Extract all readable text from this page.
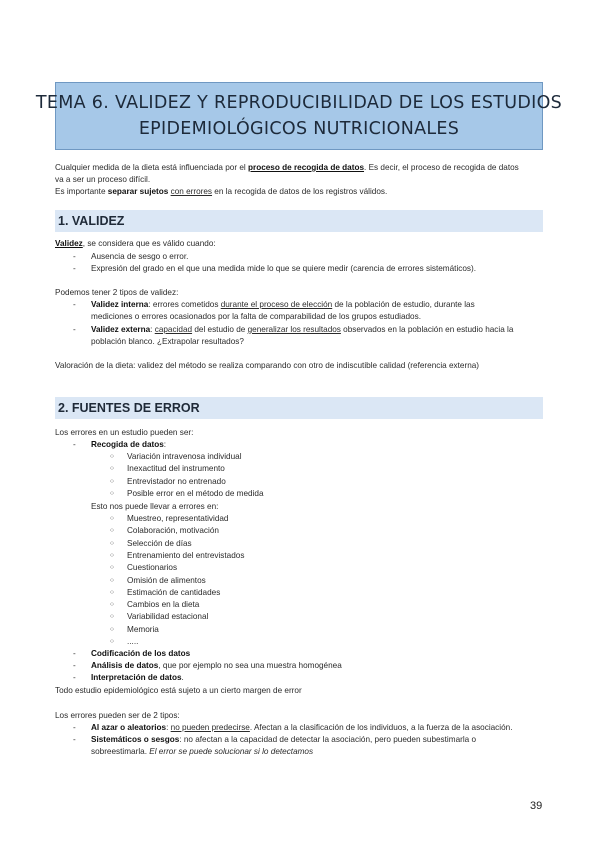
TEMA 6. VALIDEZ Y REPRODUCIBILIDAD DE LOS ESTUDIOS
EPIDEMIOLÓGICOS NUTRICIONALES
Cualquier medida de la dieta está influenciada por el proceso de recogida de datos. Es decir, el proceso de recogida de datos
va a ser un proceso difícil.
Es importante separar sujetos con errores en la recogida de datos de los registros válidos.
1. VALIDEZ
Validez, se considera que es válido cuando:
- Ausencia de sesgo o error.
- Expresión del grado en el que una medida mide lo que se quiere medir (carencia de errores sistemáticos).
Podemos tener 2 tipos de validez:
- Validez interna: errores cometidos durante el proceso de elección de la población de estudio, durante las
mediciones o errores ocasionados por la falta de comparabilidad de los grupos estudiados.
- Validez externa: capacidad del estudio de generalizar los resultados observados en la población en estudio hacia la
población blanco. ¿Extrapolar resultados?
Valoración de la dieta: validez del método se realiza comparando con otro de indiscutible calidad (referencia externa)
2. FUENTES DE ERROR
Los errores en un estudio pueden ser:
- Recogida de datos:
○ Variación intravenosa individual
○ Inexactitud del instrumento
○ Entrevistador no entrenado
○ Posible error en el método de medida
Esto nos puede llevar a errores en:
○ Muestreo, representatividad
○ Colaboración, motivación
○ Selección de días
○ Entrenamiento del entrevistados
○ Cuestionarios
○ Omisión de alimentos
○ Estimación de cantidades
○ Cambios en la dieta
○ Variabilidad estacional
○ Memoria
○ .....
- Codificación de los datos
- Análisis de datos, que por ejemplo no sea una muestra homogénea
- Interpretación de datos.
Todo estudio epidemiológico está sujeto a un cierto margen de error
Los errores pueden ser de 2 tipos:
- Al azar o aleatorios: no pueden predecirse. Afectan a la clasificación de los individuos, a la fuerza de la asociación.
- Sistemáticos o sesgos: no afectan a la capacidad de detectar la asociación, pero pueden subestimarla o
sobreestimarla. El error se puede solucionar si lo detectamos
39
